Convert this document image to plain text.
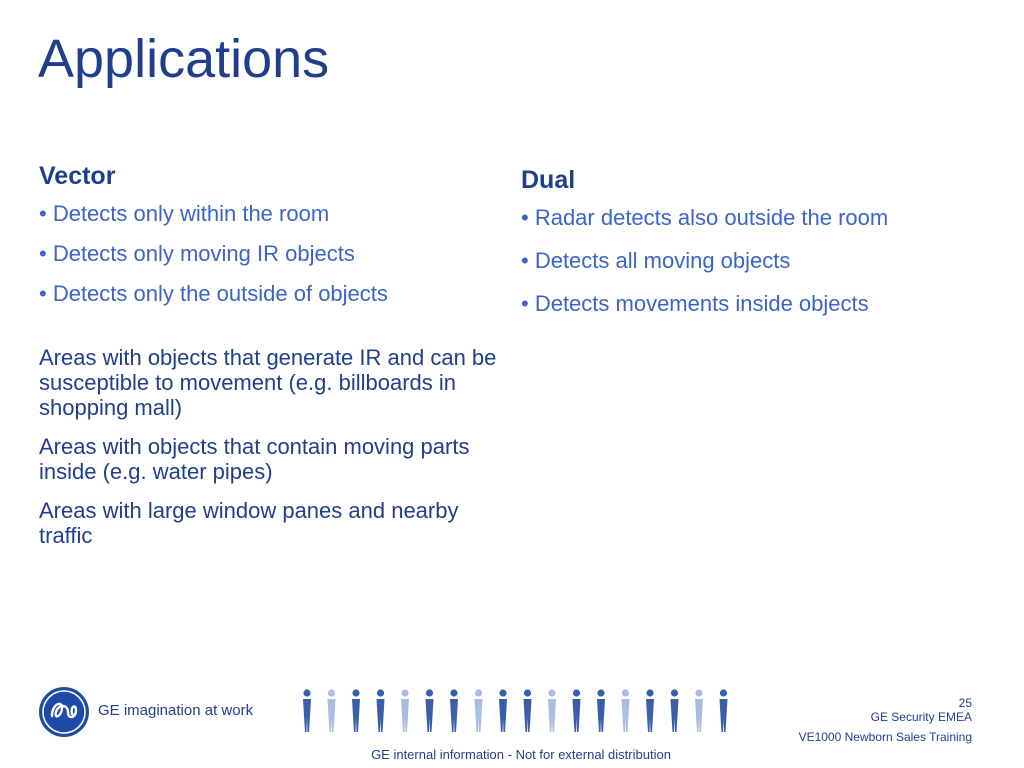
Applications
Vector
• Detects only within the room
• Detects only moving IR objects
• Detects only the outside of objects

Areas with objects that generate IR and can be susceptible to movement (e.g. billboards in shopping mall)

Areas with objects that contain moving parts inside (e.g. water pipes)

Areas with large window panes and nearby traffic

Dual
• Radar detects also outside the room
• Detects all moving objects
• Detects movements inside objects
GE imagination at work	25
GE Security EMEA
VE1000 Newborn Sales Training
GE internal information - Not for external distribution
